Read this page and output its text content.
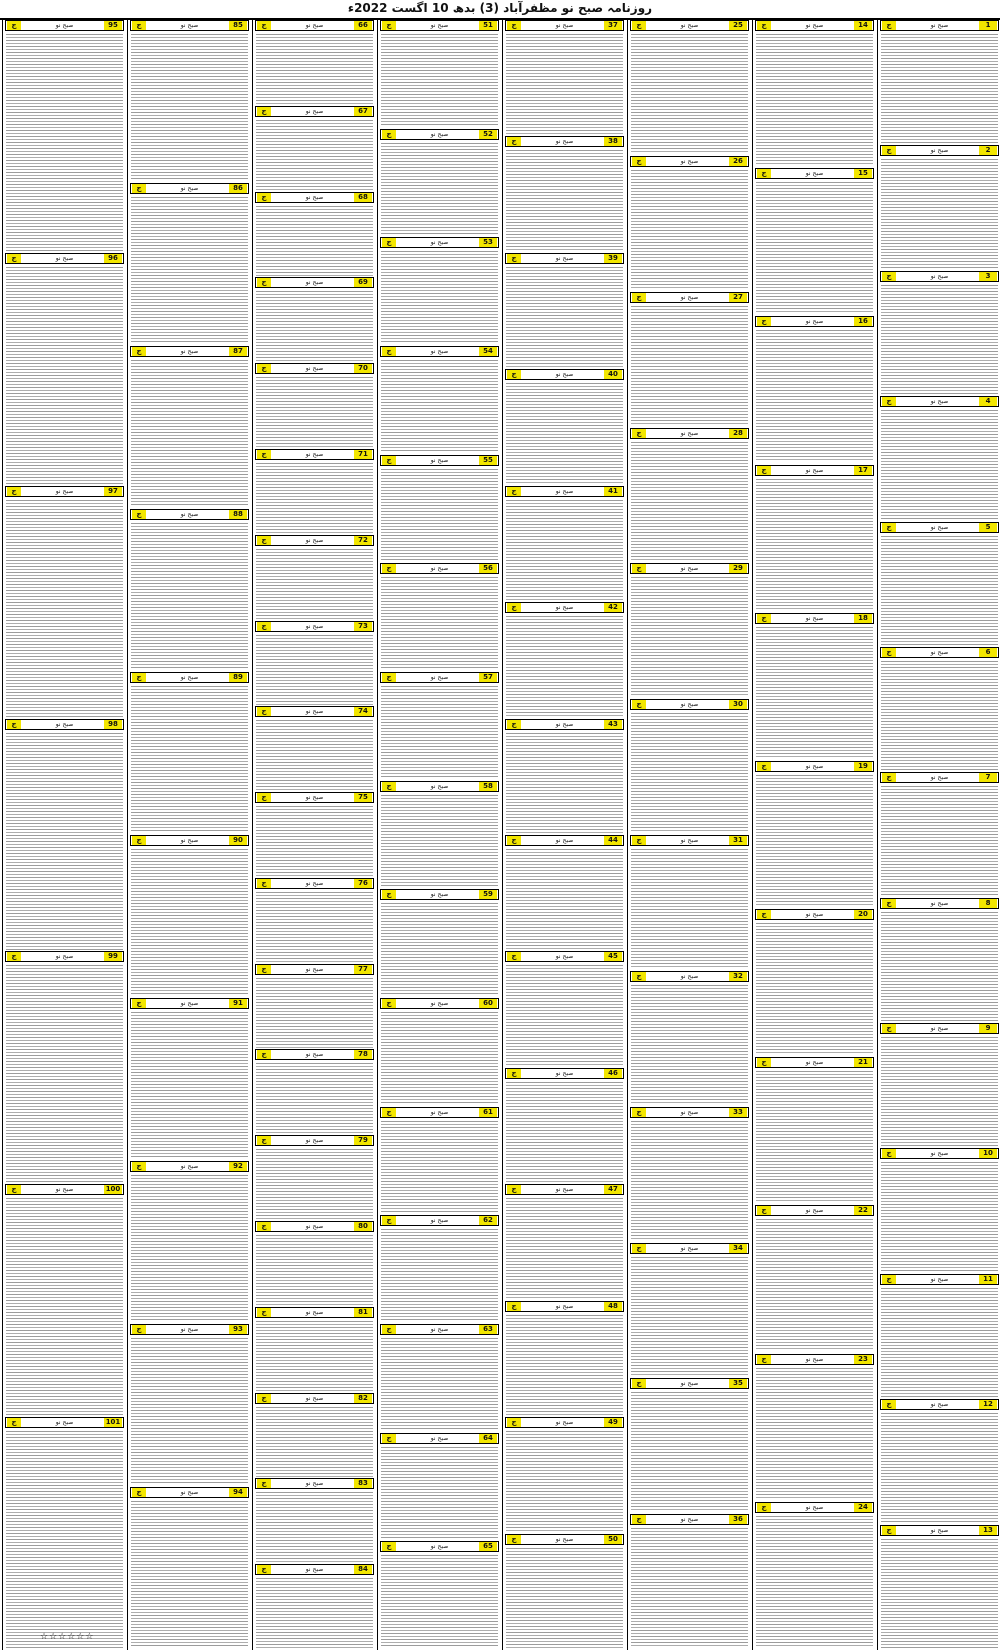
روزنامہ صبح نو مظفرآباد (3) بدھ 10 اگست 2022ء
1
صبح نو
ج
2
صبح نو
ج
3
صبح نو
ج
4
صبح نو
ج
5
صبح نو
ج
6
صبح نو
ج
7
صبح نو
ج
8
صبح نو
ج
9
صبح نو
ج
10
صبح نو
ج
11
صبح نو
ج
12
صبح نو
ج
13
صبح نو
ج
14
صبح نو
ج
15
صبح نو
ج
16
صبح نو
ج
17
صبح نو
ج
18
صبح نو
ج
19
صبح نو
ج
20
صبح نو
ج
21
صبح نو
ج
22
صبح نو
ج
23
صبح نو
ج
24
صبح نو
ج
25
صبح نو
ج
26
صبح نو
ج
27
صبح نو
ج
28
صبح نو
ج
29
صبح نو
ج
30
صبح نو
ج
31
صبح نو
ج
32
صبح نو
ج
33
صبح نو
ج
34
صبح نو
ج
35
صبح نو
ج
36
صبح نو
ج
37
صبح نو
ج
38
صبح نو
ج
39
صبح نو
ج
40
صبح نو
ج
41
صبح نو
ج
42
صبح نو
ج
43
صبح نو
ج
44
صبح نو
ج
45
صبح نو
ج
46
صبح نو
ج
47
صبح نو
ج
48
صبح نو
ج
49
صبح نو
ج
50
صبح نو
ج
51
صبح نو
ج
52
صبح نو
ج
53
صبح نو
ج
54
صبح نو
ج
55
صبح نو
ج
56
صبح نو
ج
57
صبح نو
ج
58
صبح نو
ج
59
صبح نو
ج
60
صبح نو
ج
61
صبح نو
ج
62
صبح نو
ج
63
صبح نو
ج
64
صبح نو
ج
65
صبح نو
ج
66
صبح نو
ج
67
صبح نو
ج
68
صبح نو
ج
69
صبح نو
ج
70
صبح نو
ج
71
صبح نو
ج
72
صبح نو
ج
73
صبح نو
ج
74
صبح نو
ج
75
صبح نو
ج
76
صبح نو
ج
77
صبح نو
ج
78
صبح نو
ج
79
صبح نو
ج
80
صبح نو
ج
81
صبح نو
ج
82
صبح نو
ج
83
صبح نو
ج
84
صبح نو
ج
85
صبح نو
ج
86
صبح نو
ج
87
صبح نو
ج
88
صبح نو
ج
89
صبح نو
ج
90
صبح نو
ج
91
صبح نو
ج
92
صبح نو
ج
93
صبح نو
ج
94
صبح نو
ج
95
صبح نو
ج
96
صبح نو
ج
97
صبح نو
ج
98
صبح نو
ج
99
صبح نو
ج
100
صبح نو
ج
101
صبح نو
ج
☆☆☆☆☆☆
